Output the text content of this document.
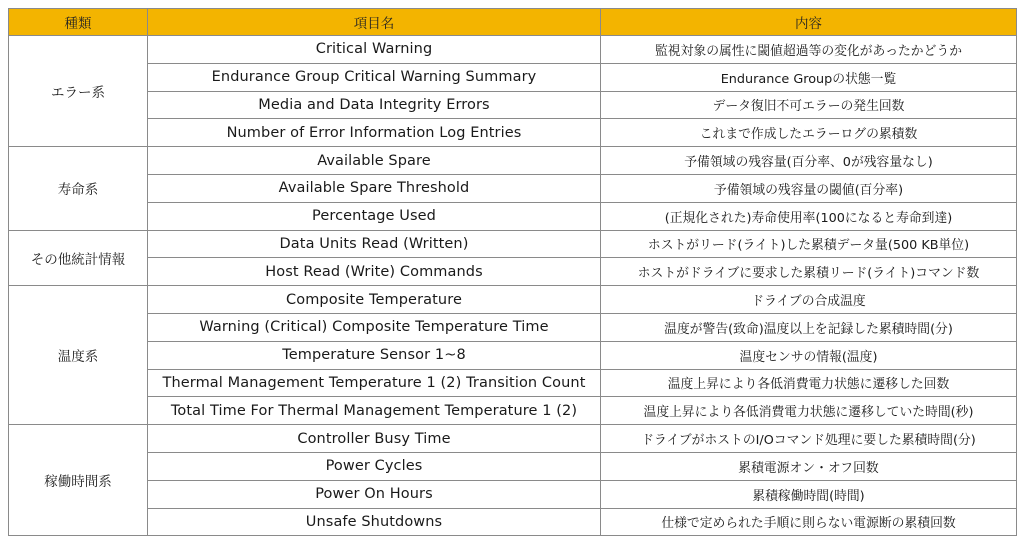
種類	項目名	内容
エラー系	Critical Warning	監視対象の属性に閾値超過等の変化があったかどうか
	Endurance Group Critical Warning Summary	Endurance Groupの状態一覧
	Media and Data Integrity Errors	データ復旧不可エラーの発生回数
	Number of Error Information Log Entries	これまで作成したエラーログの累積数
寿命系	Available Spare	予備領域の残容量(百分率、0が残容量なし)
	Available Spare Threshold	予備領域の残容量の閾値(百分率)
	Percentage Used	(正規化された)寿命使用率(100になると寿命到達)
その他統計情報	Data Units Read (Written)	ホストがリード(ライト)した累積データ量(500 KB単位)
	Host Read (Write) Commands	ホストがドライブに要求した累積リード(ライト)コマンド数
温度系	Composite Temperature	ドライブの合成温度
	Warning (Critical) Composite Temperature Time	温度が警告(致命)温度以上を記録した累積時間(分)
	Temperature Sensor 1~8	温度センサの情報(温度)
	Thermal Management Temperature 1 (2) Transition Count	温度上昇により各低消費電力状態に遷移した回数
	Total Time For Thermal Management Temperature 1 (2)	温度上昇により各低消費電力状態に遷移していた時間(秒)
稼働時間系	Controller Busy Time	ドライブがホストのI/Oコマンド処理に要した累積時間(分)
	Power Cycles	累積電源オン・オフ回数
	Power On Hours	累積稼働時間(時間)
	Unsafe Shutdowns	仕様で定められた手順に則らない電源断の累積回数
